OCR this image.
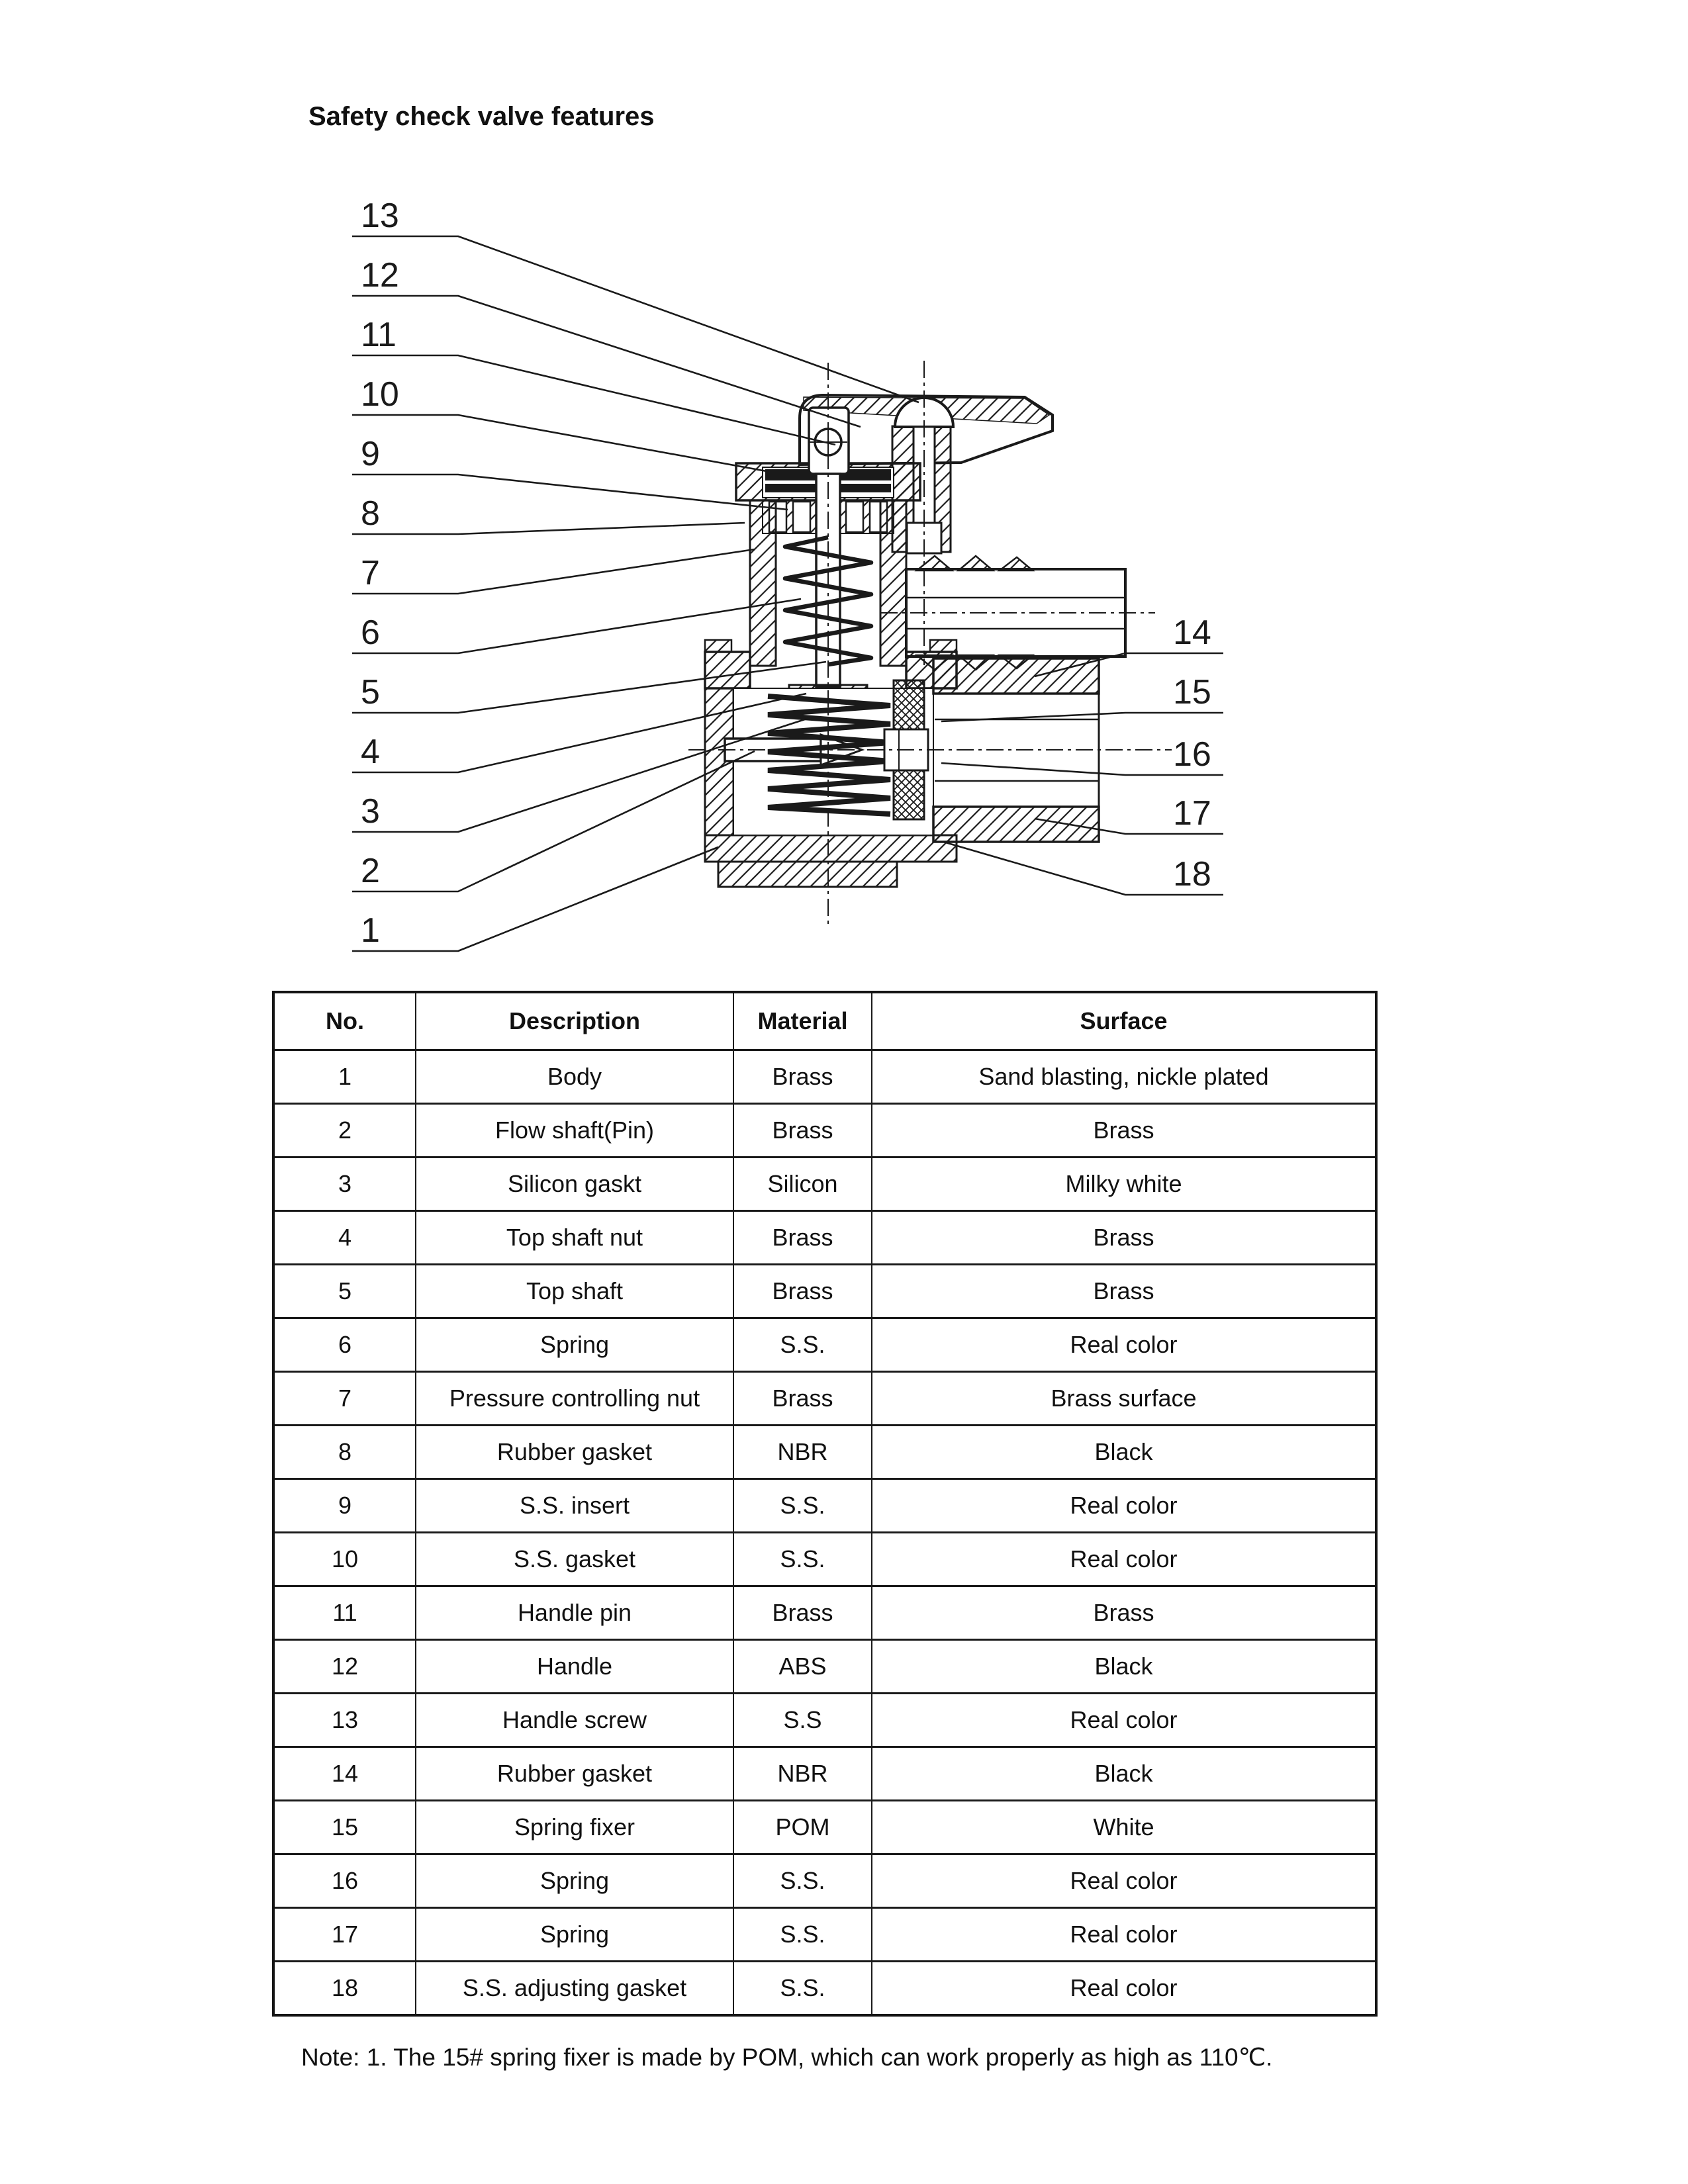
Safety check valve features
13
12
11
10
9
8
7
6
5
4
3
2
1
14
15
16
17
18
No.	Description	Material	Surface
1	Body	Brass	Sand blasting, nickle plated
2	Flow shaft(Pin)	Brass	Brass
3	Silicon gaskt	Silicon	Milky white
4	Top shaft nut	Brass	Brass
5	Top shaft	Brass	Brass
6	Spring	S.S.	Real color
7	Pressure controlling nut	Brass	Brass surface
8	Rubber gasket	NBR	Black
9	S.S. insert	S.S.	Real color
10	S.S. gasket	S.S.	Real color
11	Handle pin	Brass	Brass
12	Handle	ABS	Black
13	Handle screw	S.S	Real color
14	Rubber gasket	NBR	Black
15	Spring fixer	POM	White
16	Spring	S.S.	Real color
17	Spring	S.S.	Real color
18	S.S. adjusting gasket	S.S.	Real color
Note: 1. The 15# spring fixer is made by POM, which can work properly as high as 110℃.
